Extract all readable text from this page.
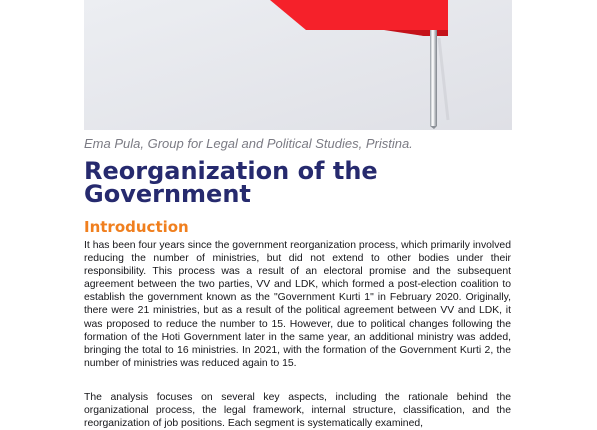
Ema Pula, Group for Legal and Political Studies, Pristina.
Reorganization of the Government
Introduction

It has been four years since the government reorganization process, which primarily involved reducing the number of ministries, but did not extend to other bodies under their responsibility. This process was a result of an electoral promise and the subsequent agreement between the two parties, VV and LDK, which formed a post-election coalition to establish the government known as the "Government Kurti 1" in February 2020. Originally, there were 21 ministries, but as a result of the political agreement between VV and LDK, it was proposed to reduce the number to 15. However, due to political changes following the formation of the Hoti Government later in the same year, an additional ministry was added, bringing the total to 16 ministries. In 2021, with the formation of the Government Kurti 2, the number of ministries was reduced again to 15.

The analysis focuses on several key aspects, including the rationale behind the organizational process, the legal framework, internal structure, classification, and the reorganization of job positions. Each segment is systematically examined,
